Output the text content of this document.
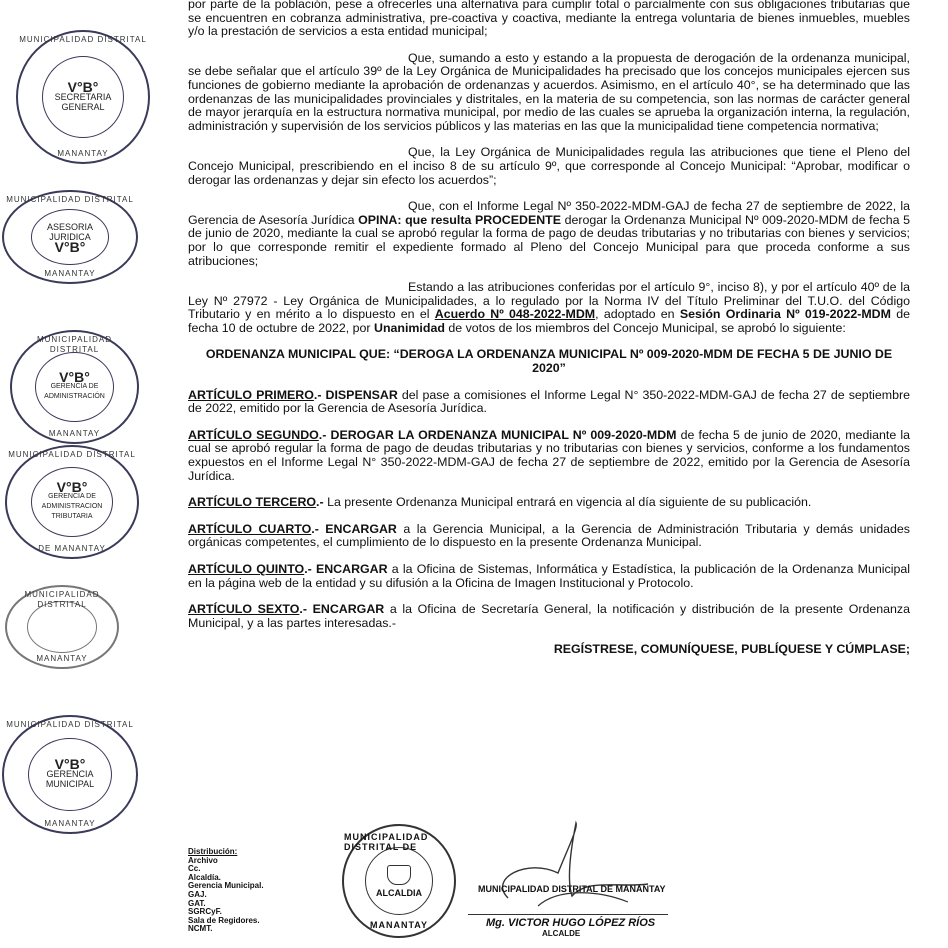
MUNICIPALIDAD DISTRITAL
V°B°
SECRETARIA
GENERAL
MANANTAY
MUNICIPALIDAD DISTRITAL
ASESORIA
JURIDICA
V°B°
MANANTAY
MUNICIPALIDAD DISTRITAL
V°B°
GERENCIA DE
ADMINISTRACIÓN
MANANTAY
MUNICIPALIDAD DISTRITAL
V°B°
GERENCIA DE
ADMINISTRACION
TRIBUTARIA
DE MANANTAY
MUNICIPALIDAD DISTRITAL
MANANTAY
MUNICIPALIDAD DISTRITAL
V°B°
GERENCIA
MUNICIPAL
MANANTAY

por parte de la población, pese a ofrecerles una alternativa para cumplir total o parcialmente con sus obligaciones tributarias que se encuentren en cobranza administrativa, pre-coactiva y coactiva, mediante la entrega voluntaria de bienes inmuebles, muebles y/o la prestación de servicios a esta entidad municipal;

Que, sumando a esto y estando a la propuesta de derogación de la ordenanza municipal, se debe señalar que el artículo 39º de la Ley Orgánica de Municipalidades ha precisado que los concejos municipales ejercen sus funciones de gobierno mediante la aprobación de ordenanzas y acuerdos. Asimismo, en el artículo 40°, se ha determinado que las ordenanzas de las municipalidades provinciales y distritales, en la materia de su competencia, son las normas de carácter general de mayor jerarquía en la estructura normativa municipal, por medio de las cuales se aprueba la organización interna, la regulación, administración y supervisión de los servicios públicos y las materias en las que la municipalidad tiene competencia normativa;

Que, la Ley Orgánica de Municipalidades regula las atribuciones que tiene el Pleno del Concejo Municipal, prescribiendo en el inciso 8 de su artículo 9º, que corresponde al Concejo Municipal: “Aprobar, modificar o derogar las ordenanzas y dejar sin efecto los acuerdos”;

Que, con el Informe Legal Nº 350-2022-MDM-GAJ de fecha 27 de septiembre de 2022, la Gerencia de Asesoría Jurídica OPINA: que resulta PROCEDENTE derogar la Ordenanza Municipal Nº 009-2020-MDM de fecha 5 de junio de 2020, mediante la cual se aprobó regular la forma de pago de deudas tributarias y no tributarias con bienes y servicios; por lo que corresponde remitir el expediente formado al Pleno del Concejo Municipal para que proceda conforme a sus atribuciones;

Estando a las atribuciones conferidas por el artículo 9°, inciso 8), y por el artículo 40º de la Ley Nº 27972 - Ley Orgánica de Municipalidades, a lo regulado por la Norma IV del Título Preliminar del T.U.O. del Código Tributario y en mérito a lo dispuesto en el Acuerdo Nº 048-2022-MDM, adoptado en Sesión Ordinaria Nº 019-2022-MDM de fecha 10 de octubre de 2022, por Unanimidad de votos de los miembros del Concejo Municipal, se aprobó lo siguiente:

ORDENANZA MUNICIPAL QUE: “DEROGA LA ORDENANZA MUNICIPAL Nº 009-2020-MDM DE FECHA 5 DE JUNIO DE 2020”

ARTÍCULO PRIMERO.- DISPENSAR del pase a comisiones el Informe Legal N° 350-2022-MDM-GAJ de fecha 27 de septiembre de 2022, emitido por la Gerencia de Asesoría Jurídica.

ARTÍCULO SEGUNDO.- DEROGAR LA ORDENANZA MUNICIPAL Nº 009-2020-MDM de fecha 5 de junio de 2020, mediante la cual se aprobó regular la forma de pago de deudas tributarias y no tributarias con bienes y servicios, conforme a los fundamentos expuestos en el Informe Legal N° 350-2022-MDM-GAJ de fecha 27 de septiembre de 2022, emitido por la Gerencia de Asesoría Jurídica.

ARTÍCULO TERCERO.- La presente Ordenanza Municipal entrará en vigencia al día siguiente de su publicación.

ARTÍCULO CUARTO.- ENCARGAR a la Gerencia Municipal, a la Gerencia de Administración Tributaria y demás unidades orgánicas competentes, el cumplimiento de lo dispuesto en la presente Ordenanza Municipal.

ARTÍCULO QUINTO.- ENCARGAR a la Oficina de Sistemas, Informática y Estadística, la publicación de la Ordenanza Municipal en la página web de la entidad y su difusión a la Oficina de Imagen Institucional y Protocolo.

ARTÍCULO SEXTO.- ENCARGAR a la Oficina de Secretaría General, la notificación y distribución de la presente Ordenanza Municipal, y a las partes interesadas.-

REGÍSTRESE, COMUNÍQUESE, PUBLÍQUESE Y CÚMPLASE;

Distribución:
Archivo
Cc.
Alcaldía.
Gerencia Municipal.
GAJ.
GAT.
SGRCyF.
Sala de Regidores.
NCMT.
MUNICIPALIDAD DISTRITAL DE
ALCALDIA
MANANTAY
MUNICIPALIDAD DISTRITAL DE MANANTAY
Mg. VICTOR HUGO LÓPEZ RÍOS
ALCALDE
